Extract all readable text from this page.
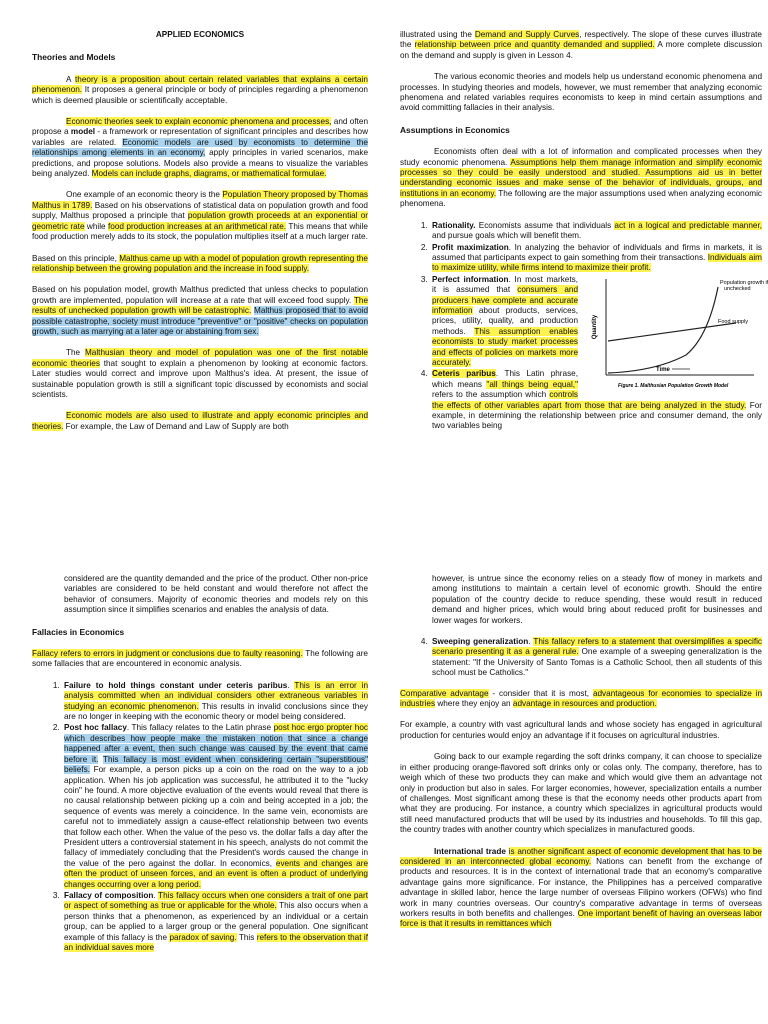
APPLIED ECONOMICS
Theories and Models

A theory is a proposition about certain related variables that explains a certain phenomenon. It proposes a general principle or body of principles regarding a phenomenon which is deemed plausible or scientifically acceptable.

Economic theories seek to explain economic phenomena and processes, and often propose a model - a framework or representation of significant principles and describes how variables are related. Economic models are used by economists to determine the relationships among elements in an economy, apply principles in varied scenarios, make predictions, and propose solutions. Models also provide a means to visualize the variables being analyzed. Models can include graphs, diagrams, or mathematical formulae.

One example of an economic theory is the Population Theory proposed by Thomas Malthus in 1789. Based on his observations of statistical data on population growth and food supply, Malthus proposed a principle that population growth proceeds at an exponential or geometric rate while food production increases at an arithmetical rate. This means that while food production merely adds to its stock, the population multiplies itself at a much larger rate.

Based on this principle, Malthus came up with a model of population growth representing the relationship between the growing population and the increase in food supply.

Based on his population model, growth Malthus predicted that unless checks to population growth are implemented, population will increase at a rate that will exceed food supply. The results of unchecked population growth will be catastrophic. Malthus proposed that to avoid possible catastrophe, society must introduce "preventive" or "positive" checks on population growth, such as marrying at a later age or abstaining from sex.

The Malthusian theory and model of population was one of the first notable economic theories that sought to explain a phenomenon by looking at economic factors. Later studies would correct and improve upon Malthus's idea. At present, the issue of sustainable population growth is still a significant topic discussed by economists and social scientists.

Economic models are also used to illustrate and apply economic principles and theories. For example, the Law of Demand and Law of Supply are both

illustrated using the Demand and Supply Curves, respectively. The slope of these curves illustrate the relationship between price and quantity demanded and supplied. A more complete discussion on the demand and supply is given in Lesson 4.

The various economic theories and models help us understand economic phenomena and processes. In studying theories and models, however, we must remember that analyzing economic phenomena and related variables requires economists to keep in mind certain assumptions and avoid committing fallacies in their analysis.

Assumptions in Economics

Economists often deal with a lot of information and complicated processes when they study economic phenomena. Assumptions help them manage information and simplify economic processes so they could be easily understood and studied. Assumptions aid us in better understanding economic issues and make sense of the behavior of individuals, groups, and institutions in an economy. The following are the major assumptions used when analyzing economic phenomena.

1. Rationality. Economists assume that individuals act in a logical and predictable manner, and pursue goals which will benefit them.
2. Profit maximization. In analyzing the behavior of individuals and firms in markets, it is assumed that participants expect to gain something from their transactions. Individuals aim to maximize utility, while firms intend to maximize their profit.
3. Quantity
Population growth if
unchecked
Food supply
Time
Figure 1. Malthusian Population Growth Model
Perfect information. In most markets, it is assumed that consumers and producers have complete and accurate information about products, services, prices, utility, quality, and production methods. This assumption enables economists to study market processes and effects of policies on markets more accurately.
4. Ceteris paribus. This Latin phrase, which means "all things being equal," refers to the assumption which controls the effects of other variables apart from those that are being analyzed in the study. For example, in determining the relationship between price and consumer demand, the only two variables being

considered are the quantity demanded and the price of the product. Other non-price variables are considered to be held constant and would therefore not affect the behavior of consumers. Majority of economic theories and models rely on this assumption since it simplifies scenarios and enables the analysis of data.

Fallacies in Economics

Fallacy refers to errors in judgment or conclusions due to faulty reasoning. The following are some fallacies that are encountered in economic analysis.

1. Failure to hold things constant under ceteris paribus. This is an error in analysis committed when an individual considers other extraneous variables in studying an economic phenomenon. This results in invalid conclusions since they are no longer in keeping with the economic theory or model being considered.
2. Post hoc fallacy. This fallacy relates to the Latin phrase post hoc ergo propter hoc which describes how people make the mistaken notion that since a change happened after a event, then such change was caused by the event that came before it. This fallacy is most evident when considering certain "superstitious" beliefs. For example, a person picks up a coin on the road on the way to a job application. When his job application was successful, he attributed it to the "lucky coin" he found. A more objective evaluation of the events would reveal that there is no causal relationship between picking up a coin and being accepted in a job; the sequence of events was merely a coincidence. In the same vein, economists are careful not to immediately assign a cause-effect relationship between two events that follow each other. When the value of the peso vs. the dollar falls a day after the President utters a controversial statement in his speech, analysts do not commit the fallacy of immediately concluding that the President's words caused the change in the value of the pero against the dollar. In economics, events and changes are often the product of unseen forces, and an event is often a product of underlying changes occurring over a long period.
3. Fallacy of composition. This fallacy occurs when one considers a trait of one part or aspect of something as true or applicable for the whole. This also occurs when a person thinks that a phenomenon, as experienced by an individual or a certain group, can be applied to a larger group or the general population. One significant example of this fallacy is the paradox of saving. This refers to the observation that if an individual saves more

however, is untrue since the economy relies on a steady flow of money in markets and among institutions to maintain a certain level of economic growth. Should the entire population of the country decide to reduce spending, these would result in reduced demand and higher prices, which would bring about reduced profit for businesses and lower wages for workers.

4. Sweeping generalization. This fallacy refers to a statement that oversimplifies a specific scenario presenting it as a general rule. One example of a sweeping generalization is the statement: "If the University of Santo Tomas is a Catholic School, then all students of this school must be Catholics."

Comparative advantage - consider that it is most, advantageous for economies to specialize in industries where they enjoy an advantage in resources and production.

For example, a country with vast agricultural lands and whose society has engaged in agricultural production for centuries would enjoy an advantage if it focuses on agricultural industries.

Going back to our example regarding the soft drinks company, it can choose to specialize in either producing orange-flavored soft drinks only or colas only. The company, therefore, has to weigh which of these two products they can make and which would give them an advantage not only in production but also in sales. For larger economies, however, specialization entails a number of challenges. Most significant among these is that the economy needs other products apart from what they are producing. For instance, a country which specializes in agricultural products would still need manufactured products that will be used by its industries and households. To fill this gap, the country trades with another country which specializes in manufactured goods.

International trade is another significant aspect of economic development that has to be considered in an interconnected global economy. Nations can benefit from the exchange of products and resources. It is in the context of international trade that an economy's comparative advantage gains more significance. For instance, the Philippines has a perceived comparative advantage in skilled labor, hence the large number of overseas Filipino workers (OFWs) who find work in many countries overseas. Our country's comparative advantage in terms of overseas workers results in both benefits and challenges. One important benefit of having an overseas labor force is that it results in remittances which
